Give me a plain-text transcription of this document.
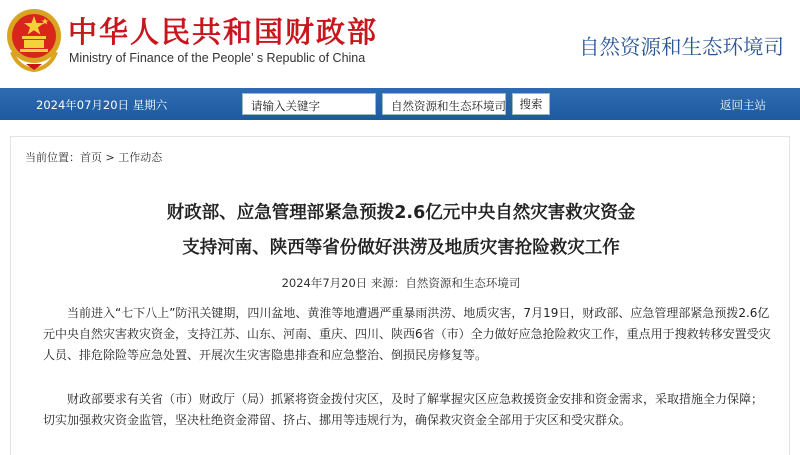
中华人民共和国财政部
Ministry of Finance of the People’ s Republic of China	自然资源和生态环境司
2024年07月20日 星期六	请输入关键字	自然资源和生态环境司	搜索	返回主站
当前位置：首页 > 工作动态
财政部、应急管理部紧急预拨2.6亿元中央自然灾害救灾资金
支持河南、陕西等省份做好洪涝及地质灾害抢险救灾工作
2024年7月20日 来源：自然资源和生态环境司

当前进入“七下八上”防汛关键期，四川盆地、黄淮等地遭遇严重暴雨洪涝、地质灾害，7月19日，财政部、应急管理部紧急预拨2.6亿元中央自然灾害救灾资金，支持江苏、山东、河南、重庆、四川、陕西6省（市）全力做好应急抢险救灾工作，重点用于搜救转移安置受灾人员、排危除险等应急处置、开展次生灾害隐患排查和应急整治、倒损民房修复等。

财政部要求有关省（市）财政厅（局）抓紧将资金拨付灾区，及时了解掌握灾区应急救援资金安排和资金需求，采取措施全力保障；切实加强救灾资金监管，坚决杜绝资金滞留、挤占、挪用等违规行为，确保救灾资金全部用于灾区和受灾群众。
